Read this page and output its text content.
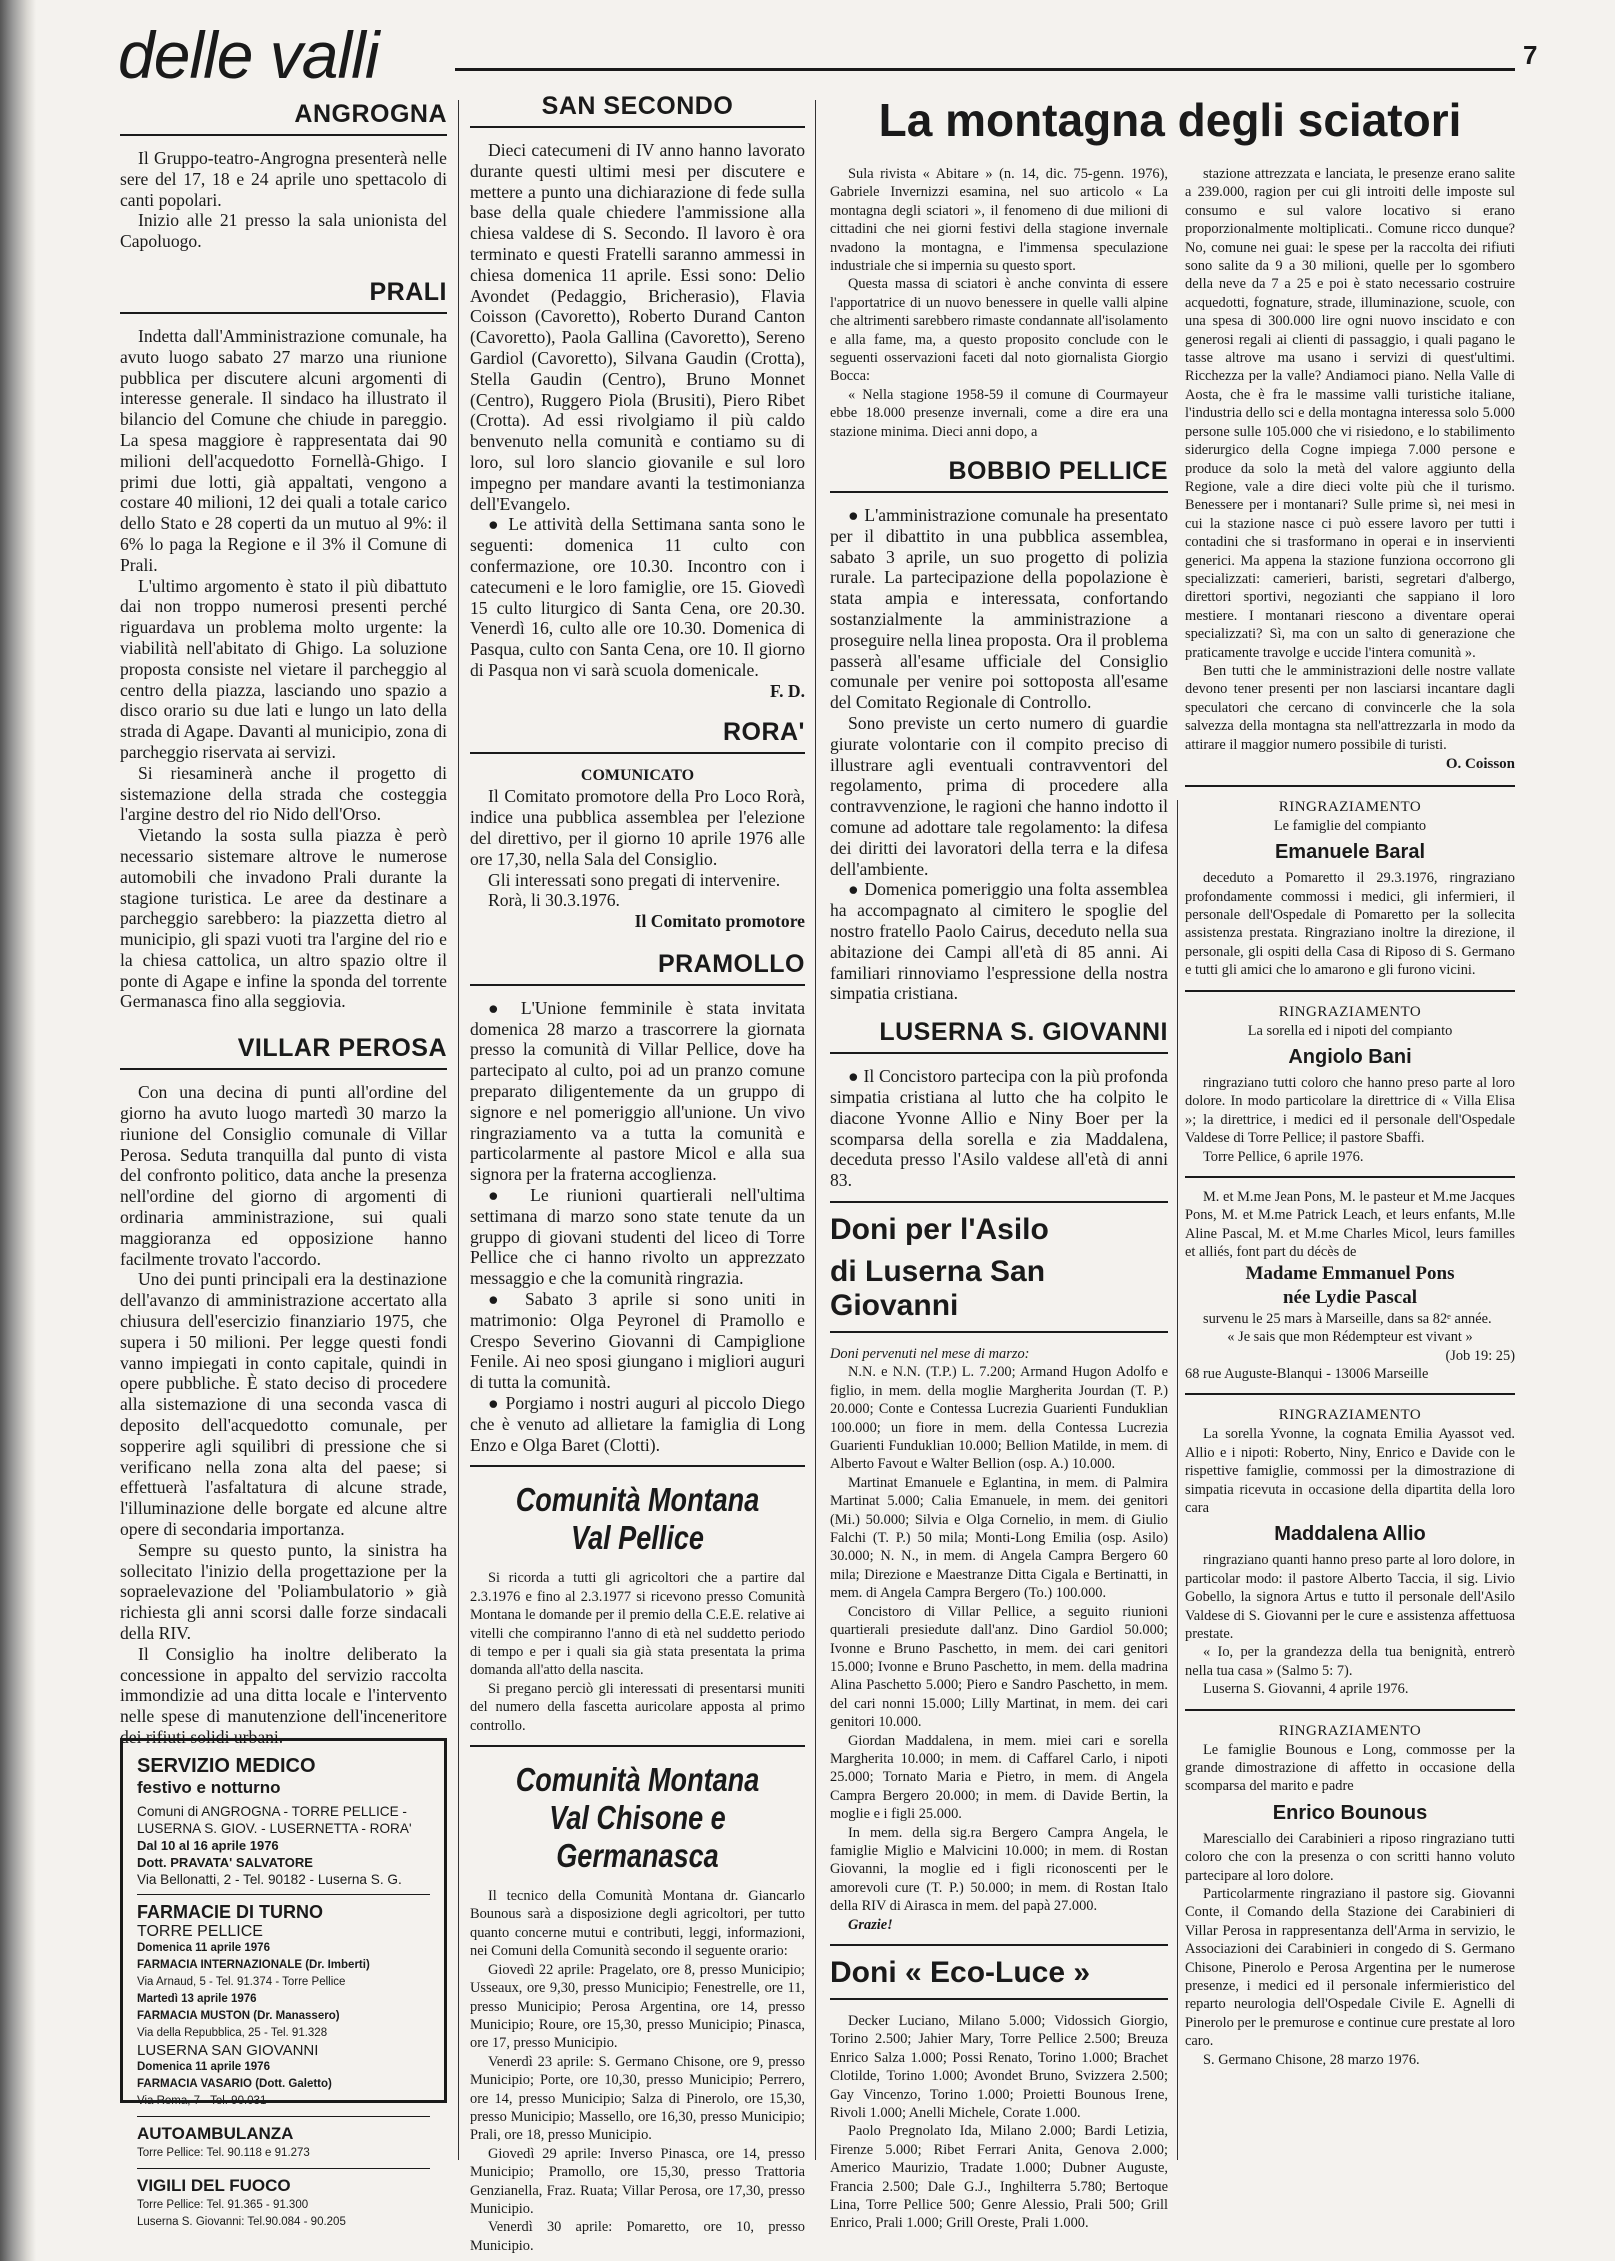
delle valli	7
ANGROGNA

Il Gruppo-teatro-Angrogna presenterà nelle sere del 17, 18 e 24 aprile uno spettacolo di canti popolari.

Inizio alle 21 presso la sala unionista del Capoluogo.

PRALI

Indetta dall'Amministrazione comunale, ha avuto luogo sabato 27 marzo una riunione pubblica per discutere alcuni argomenti di interesse generale. Il sindaco ha illustrato il bilancio del Comune che chiude in pareggio. La spesa maggiore è rappresentata dai 90 milioni dell'acquedotto Fornellà-Ghigo. I primi due lotti, già appaltati, vengono a costare 40 milioni, 12 dei quali a totale carico dello Stato e 28 coperti da un mutuo al 9%: il 6% lo paga la Regione e il 3% il Comune di Prali.

L'ultimo argomento è stato il più dibattuto dai non troppo numerosi presenti perché riguardava un problema molto urgente: la viabilità nell'abitato di Ghigo. La soluzione proposta consiste nel vietare il parcheggio al centro della piazza, lasciando uno spazio a disco orario su due lati e lungo un lato della strada di Agape. Davanti al municipio, zona di parcheggio riservata ai servizi.

Si riesaminerà anche il progetto di sistemazione della strada che costeggia l'argine destro del rio Nido dell'Orso.

Vietando la sosta sulla piazza è però necessario sistemare altrove le numerose automobili che invadono Prali durante la stagione turistica. Le aree da destinare a parcheggio sarebbero: la piazzetta dietro al municipio, gli spazi vuoti tra l'argine del rio e la chiesa cattolica, un altro spazio oltre il ponte di Agape e infine la sponda del torrente Germanasca fino alla seggiovia.

VILLAR PEROSA

Con una decina di punti all'ordine del giorno ha avuto luogo martedì 30 marzo la riunione del Consiglio comunale di Villar Perosa. Seduta tranquilla dal punto di vista del confronto politico, data anche la presenza nell'ordine del giorno di argomenti di ordinaria amministrazione, sui quali maggioranza ed opposizione hanno facilmente trovato l'accordo.

Uno dei punti principali era la destinazione dell'avanzo di amministrazione accertato alla chiusura dell'esercizio finanziario 1975, che supera i 50 milioni. Per legge questi fondi vanno impiegati in conto capitale, quindi in opere pubbliche. È stato deciso di procedere alla sistemazione di una seconda vasca di deposito dell'acquedotto comunale, per sopperire agli squilibri di pressione che si verificano nella zona alta del paese; si effettuerà l'asfaltatura di alcune strade, l'illuminazione delle borgate ed alcune altre opere di secondaria importanza.

Sempre su questo punto, la sinistra ha sollecitato l'inizio della progettazione per la sopraelevazione del 'Poliambulatorio » già richiesta gli anni scorsi dalle forze sindacali della RIV.

Il Consiglio ha inoltre deliberato la concessione in appalto del servizio raccolta immondizie ad una ditta locale e l'intervento nelle spese di manutenzione dell'inceneritore dei rifiuti solidi urbani.

SERVIZIO MEDICO
festivo e notturno
Comuni di ANGROGNA - TORRE PELLICE -
LUSERNA S. GIOV. - LUSERNETTA - RORA'
Dal 10 al 16 aprile 1976
Dott. PRAVATA' SALVATORE
Via Bellonatti, 2 - Tel. 90182 - Luserna S. G.
FARMACIE DI TURNO
TORRE PELLICE
Domenica 11 aprile 1976
FARMACIA INTERNAZIONALE (Dr. Imberti)
Via Arnaud, 5 - Tel. 91.374 - Torre Pellice
Martedì 13 aprile 1976
FARMACIA MUSTON (Dr. Manassero)
Via della Repubblica, 25 - Tel. 91.328
LUSERNA SAN GIOVANNI
Domenica 11 aprile 1976
FARMACIA VASARIO (Dott. Galetto)
Via Roma, 7 - Tel. 90.031
AUTOAMBULANZA
Torre Pellice: Tel. 90.118 e 91.273
VIGILI DEL FUOCO
Torre Pellice: Tel. 91.365 - 91.300
Luserna S. Giovanni: Tel.90.084 - 90.205
SAN SECONDO

Dieci catecumeni di IV anno hanno lavorato durante questi ultimi mesi per discutere e mettere a punto una dichiarazione di fede sulla base della quale chiedere l'ammissione alla chiesa valdese di S. Secondo. Il lavoro è ora terminato e questi Fratelli saranno ammessi in chiesa domenica 11 aprile. Essi sono: Delio Avondet (Pedaggio, Bricherasio), Flavia Coisson (Cavoretto), Roberto Durand Canton (Cavoretto), Paola Gallina (Cavoretto), Sereno Gardiol (Cavoretto), Silvana Gaudin (Crotta), Stella Gaudin (Centro), Bruno Monnet (Centro), Ruggero Piola (Brusiti), Piero Ribet (Crotta). Ad essi rivolgiamo il più caldo benvenuto nella comunità e contiamo su di loro, sul loro slancio giovanile e sul loro impegno per mandare avanti la testimonianza dell'Evangelo.

● Le attività della Settimana santa sono le seguenti: domenica 11 culto con confermazione, ore 10.30. Incontro con i catecumeni e le loro famiglie, ore 15. Giovedì 15 culto liturgico di Santa Cena, ore 20.30. Venerdì 16, culto alle ore 10.30. Domenica di Pasqua, culto con Santa Cena, ore 10. Il giorno di Pasqua non vi sarà scuola domenicale.

F. D.

RORA'

COMUNICATO

Il Comitato promotore della Pro Loco Rorà, indice una pubblica assemblea per l'elezione del direttivo, per il giorno 10 aprile 1976 alle ore 17,30, nella Sala del Consiglio.

Gli interessati sono pregati di intervenire.

Rorà, li 30.3.1976.

Il Comitato promotore

PRAMOLLO

● L'Unione femminile è stata invitata domenica 28 marzo a trascorrere la giornata presso la comunità di Villar Pellice, dove ha partecipato al culto, poi ad un pranzo comune preparato diligentemente da un gruppo di signore e nel pomeriggio all'unione. Un vivo ringraziamento va a tutta la comunità e particolarmente al pastore Micol e alla sua signora per la fraterna accoglienza.

● Le riunioni quartierali nell'ultima settimana di marzo sono state tenute da un gruppo di giovani studenti del liceo di Torre Pellice che ci hanno rivolto un apprezzato messaggio e che la comunità ringrazia.

● Sabato 3 aprile si sono uniti in matrimonio: Olga Peyronel di Pramollo e Crespo Severino Giovanni di Campiglione Fenile. Ai neo sposi giungano i migliori auguri di tutta la comunità.

● Porgiamo i nostri auguri al piccolo Diego che è venuto ad allietare la famiglia di Long Enzo e Olga Baret (Clotti).

Comunità Montana
Val Pellice

Si ricorda a tutti gli agricoltori che a partire dal 2.3.1976 e fino al 2.3.1977 si ricevono presso Comunità Montana le domande per il premio della C.E.E. relative ai vitelli che compiranno l'anno di età nel suddetto periodo di tempo e per i quali sia già stata presentata la prima domanda all'atto della nascita.

Si pregano perciò gli interessati di presentarsi muniti del numero della fascetta auricolare apposta al primo controllo.

Comunità Montana
Val Chisone e Germanasca

Il tecnico della Comunità Montana dr. Giancarlo Bounous sarà a disposizione degli agricoltori, per tutto quanto concerne mutui e contributi, leggi, informazioni, nei Comuni della Comunità secondo il seguente orario:

Giovedì 22 aprile: Pragelato, ore 8, presso Municipio; Usseaux, ore 9,30, presso Municipio; Fenestrelle, ore 11, presso Municipio; Perosa Argentina, ore 14, presso Municipio; Roure, ore 15,30, presso Municipio; Pinasca, ore 17, presso Municipio.

Venerdì 23 aprile: S. Germano Chisone, ore 9, presso Municipio; Porte, ore 10,30, presso Municipio; Perrero, ore 14, presso Municipio; Salza di Pinerolo, ore 15,30, presso Municipio; Massello, ore 16,30, presso Municipio; Prali, ore 18, presso Municipio.

Giovedì 29 aprile: Inverso Pinasca, ore 14, presso Municipio; Pramollo, ore 15,30, presso Trattoria Genzianella, Fraz. Ruata; Villar Perosa, ore 17,30, presso Municipio.

Venerdì 30 aprile: Pomaretto, ore 10, presso Municipio.

La montagna degli sciatori

Sula rivista « Abitare » (n. 14, dic. 75-genn. 1976), Gabriele Invernizzi esamina, nel suo articolo « La montagna degli sciatori », il fenomeno di due milioni di cittadini che nei giorni festivi della stagione invernale nvadono la montagna, e l'immensa speculazione industriale che si impernia su questo sport.

Questa massa di sciatori è anche convinta di essere l'apportatrice di un nuovo benessere in quelle valli alpine che altrimenti sarebbero rimaste condannate all'isolamento e alla fame, ma, a questo proposito conclude con le seguenti osservazioni faceti dal noto giornalista Giorgio Bocca:

« Nella stagione 1958-59 il comune di Courmayeur ebbe 18.000 presenze invernali, come a dire era una stazione minima. Dieci anni dopo, a

BOBBIO PELLICE

● L'amministrazione comunale ha presentato per il dibattito in una pubblica assemblea, sabato 3 aprile, un suo progetto di polizia rurale. La partecipazione della popolazione è stata ampia e interessata, confortando sostanzialmente la amministrazione a proseguire nella linea proposta. Ora il problema passerà all'esame ufficiale del Consiglio comunale per venire poi sottoposta all'esame del Comitato Regionale di Controllo.

Sono previste un certo numero di guardie giurate volontarie con il compito preciso di illustrare agli eventuali contravventori del regolamento, prima di procedere alla contravvenzione, le ragioni che hanno indotto il comune ad adottare tale regolamento: la difesa dei diritti dei lavoratori della terra e la difesa dell'ambiente.

● Domenica pomeriggio una folta assemblea ha accompagnato al cimitero le spoglie del nostro fratello Paolo Cairus, deceduto nella sua abitazione dei Campi all'età di 85 anni. Ai familiari rinnoviamo l'espressione della nostra simpatia cristiana.

LUSERNA S. GIOVANNI

● Il Concistoro partecipa con la più profonda simpatia cristiana al lutto che ha colpito le diacone Yvonne Allio e Niny Boer per la scomparsa della sorella e zia Maddalena, deceduta presso l'Asilo valdese all'età di anni 83.

Doni per l'Asilo
di Luserna San Giovanni

Doni pervenuti nel mese di marzo:

N.N. e N.N. (T.P.) L. 7.200; Armand Hugon Adolfo e figlio, in mem. della moglie Margherita Jourdan (T. P.) 20.000; Conte e Contessa Lucrezia Guarienti Funduklian 100.000; un fiore in mem. della Contessa Lucrezia Guarienti Funduklian 10.000; Bellion Matilde, in mem. di Alberto Favout e Walter Bellion (osp. A.) 10.000.

Martinat Emanuele e Eglantina, in mem. di Palmira Martinat 5.000; Calia Emanuele, in mem. dei genitori (Mi.) 50.000; Silvia e Olga Cornelio, in mem. di Giulio Falchi (T. P.) 50 mila; Monti-Long Emilia (osp. Asilo) 30.000; N. N., in mem. di Angela Campra Bergero 60 mila; Direzione e Maestranze Ditta Cigala e Bertinatti, in mem. di Angela Campra Bergero (To.) 100.000.

Concistoro di Villar Pellice, a seguito riunioni quartierali presiedute dall'anz. Dino Gardiol 50.000; Ivonne e Bruno Paschetto, in mem. dei cari genitori 15.000; Ivonne e Bruno Paschetto, in mem. della madrina Alina Paschetto 5.000; Piero e Sandro Paschetto, in mem. del cari nonni 15.000; Lilly Martinat, in mem. dei cari genitori 10.000.

Giordan Maddalena, in mem. miei cari e sorella Margherita 10.000; in mem. di Caffarel Carlo, i nipoti 25.000; Tornato Maria e Pietro, in mem. di Angela Campra Bergero 20.000; in mem. di Davide Bertin, la moglie e i figli 25.000.

In mem. della sig.ra Bergero Campra Angela, le famiglie Miglio e Malvicini 10.000; in mem. di Rostan Giovanni, la moglie ed i figli riconoscenti per le amorevoli cure (T. P.) 50.000; in mem. di Rostan Italo della RIV di Airasca in mem. del papà 27.000.

Grazie!

Doni « Eco-Luce »

Decker Luciano, Milano 5.000; Vidossich Giorgio, Torino 2.500; Jahier Mary, Torre Pellice 2.500; Breuza Enrico Salza 1.000; Possi Renato, Torino 1.000; Brachet Clotilde, Torino 1.000; Avondet Bruno, Svizzera 2.500; Gay Vincenzo, Torino 1.000; Proietti Bounous Irene, Rivoli 1.000; Anelli Michele, Corate 1.000.

Paolo Pregnolato Ida, Milano 2.000; Bardi Letizia, Firenze 5.000; Ribet Ferrari Anita, Genova 2.000; Americo Maurizio, Tradate 1.000; Dubner Auguste, Francia 2.500; Dale G.J., Inghilterra 5.780; Bertoque Lina, Torre Pellice 500; Genre Alessio, Prali 500; Grill Enrico, Prali 1.000; Grill Oreste, Prali 1.000.

stazione attrezzata e lanciata, le presenze erano salite a 239.000, ragion per cui gli introiti delle imposte sul consumo e sul valore locativo si erano proporzionalmente moltiplicati.. Comune ricco dunque? No, comune nei guai: le spese per la raccolta dei rifiuti sono salite da 9 a 30 milioni, quelle per lo sgombero della neve da 7 a 25 e poi è stato necessario costruire acquedotti, fognature, strade, illuminazione, scuole, con una spesa di 300.000 lire ogni nuovo inscidato e con generosi regali ai clienti di passaggio, i quali pagano le tasse altrove ma usano i servizi di quest'ultimi. Ricchezza per la valle? Andiamoci piano. Nella Valle di Aosta, che è fra le massime valli turistiche italiane, l'industria dello sci e della montagna interessa solo 5.000 persone sulle 105.000 che vi risiedono, e lo stabilimento siderurgico della Cogne impiega 7.000 persone e produce da solo la metà del valore aggiunto della Regione, vale a dire dieci volte più che il turismo. Benessere per i montanari? Sulle prime sì, nei mesi in cui la stazione nasce ci può essere lavoro per tutti i contadini che si trasformano in operai e in inservienti generici. Ma appena la stazione funziona occorrono gli specializzati: camerieri, baristi, segretari d'albergo, direttori sportivi, negozianti che sappiano il loro mestiere. I montanari riescono a diventare operai specializzati? Sì, ma con un salto di generazione che praticamente travolge e uccide l'intera comunità ».

Ben tutti che le amministrazioni delle nostre vallate devono tener presenti per non lasciarsi incantare dagli speculatori che cercano di convincerle che la sola salvezza della montagna sta nell'attrezzarla in modo da attirare il maggior numero possibile di turisti.

O. Coisson

RINGRAZIAMENTO

Le famiglie del compianto

Emanuele Baral

deceduto a Pomaretto il 29.3.1976, ringraziano profondamente commossi i medici, gli infermieri, il personale dell'Ospedale di Pomaretto per la sollecita assistenza prestata. Ringraziano inoltre la direzione, il personale, gli ospiti della Casa di Riposo di S. Germano e tutti gli amici che lo amarono e gli furono vicini.

RINGRAZIAMENTO

La sorella ed i nipoti del compianto

Angiolo Bani

ringraziano tutti coloro che hanno preso parte al loro dolore. In modo particolare la direttrice di « Villa Elisa »; la direttrice, i medici ed il personale dell'Ospedale Valdese di Torre Pellice; il pastore Sbaffi.

Torre Pellice, 6 aprile 1976.

M. et M.me Jean Pons, M. le pasteur et M.me Jacques Pons, M. et M.me Patrick Leach, et leurs enfants, M.lle Aline Pascal, M. et M.me Charles Micol, leurs familles et alliés, font part du décès de

Madame Emmanuel Pons
née Lydie Pascal

survenu le 25 mars à Marseille, dans sa 82ᵉ année.

« Je sais que mon Rédempteur est vivant »

(Job 19: 25)

68 rue Auguste-Blanqui - 13006 Marseille

RINGRAZIAMENTO

La sorella Yvonne, la cognata Emilia Ayassot ved. Allio e i nipoti: Roberto, Niny, Enrico e Davide con le rispettive famiglie, commossi per la dimostrazione di simpatia ricevuta in occasione della dipartita della loro cara

Maddalena Allio

ringraziano quanti hanno preso parte al loro dolore, in particolar modo: il pastore Alberto Taccia, il sig. Livio Gobello, la signora Artus e tutto il personale dell'Asilo Valdese di S. Giovanni per le cure e assistenza affettuosa prestate.

« Io, per la grandezza della tua benignità, entrerò nella tua casa » (Salmo 5: 7).

Luserna S. Giovanni, 4 aprile 1976.

RINGRAZIAMENTO

Le famiglie Bounous e Long, commosse per la grande dimostrazione di affetto in occasione della scomparsa del marito e padre

Enrico Bounous

Maresciallo dei Carabinieri a riposo ringraziano tutti coloro che con la presenza o con scritti hanno voluto partecipare al loro dolore.

Particolarmente ringraziano il pastore sig. Giovanni Conte, il Comando della Stazione dei Carabinieri di Villar Perosa in rappresentanza dell'Arma in servizio, le Associazioni dei Carabinieri in congedo di S. Germano Chisone, Pinerolo e Perosa Argentina per le numerose presenze, i medici ed il personale infermieristico del reparto neurologia dell'Ospedale Civile E. Agnelli di Pinerolo per le premurose e continue cure prestate al loro caro.

S. Germano Chisone, 28 marzo 1976.
